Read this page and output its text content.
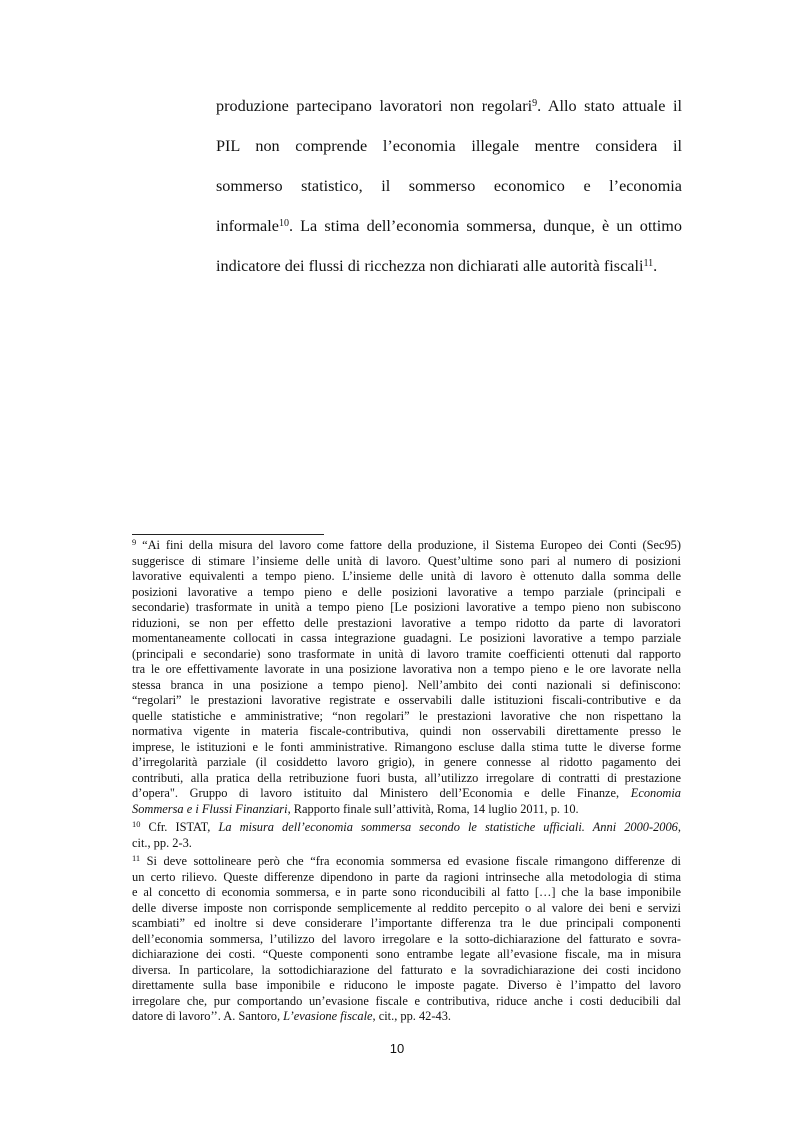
produzione partecipano lavoratori non regolari$^9$. Allo stato attuale il
PIL non comprende l’economia illegale mentre considera il
sommerso statistico, il sommerso economico e l’economia
informale$^{10}$. La stima dell’economia sommersa, dunque, è un ottimo
indicatore dei flussi di ricchezza non dichiarati alle autorità fiscali$^{11}$.
$^9$ “Ai fini della misura del lavoro come fattore della produzione, il Sistema Europeo dei Conti (Sec95)
suggerisce di stimare l’insieme delle unità di lavoro. Quest’ultime sono pari al numero di posizioni
lavorative equivalenti a tempo pieno. L’insieme delle unità di lavoro è ottenuto dalla somma delle
posizioni lavorative a tempo pieno e delle posizioni lavorative a tempo parziale (principali e
secondarie) trasformate in unità a tempo pieno [Le posizioni lavorative a tempo pieno non subiscono
riduzioni, se non per effetto delle prestazioni lavorative a tempo ridotto da parte di lavoratori
momentaneamente collocati in cassa integrazione guadagni. Le posizioni lavorative a tempo parziale
(principali e secondarie) sono trasformate in unità di lavoro tramite coefficienti ottenuti dal rapporto
tra le ore effettivamente lavorate in una posizione lavorativa non a tempo pieno e le ore lavorate nella
stessa branca in una posizione a tempo pieno]. Nell’ambito dei conti nazionali si definiscono:
“regolari” le prestazioni lavorative registrate e osservabili dalle istituzioni fiscali-contributive e da
quelle statistiche e amministrative; “non regolari” le prestazioni lavorative che non rispettano la
normativa vigente in materia fiscale-contributiva, quindi non osservabili direttamente presso le
imprese, le istituzioni e le fonti amministrative. Rimangono escluse dalla stima tutte le diverse forme
d’irregolarità parziale (il cosiddetto lavoro grigio), in genere connesse al ridotto pagamento dei
contributi, alla pratica della retribuzione fuori busta, all’utilizzo irregolare di contratti di prestazione
d’opera". Gruppo di lavoro istituito dal Ministero dell’Economia e delle Finanze, Economia
Sommersa e i Flussi Finanziari, Rapporto finale sull’attività, Roma, 14 luglio 2011, p. 10.
$^{10}$ Cfr. ISTAT, La misura dell’economia sommersa secondo le statistiche ufficiali. Anni 2000-2006,
cit., pp. 2-3.
$^{11}$ Si deve sottolineare però che “fra economia sommersa ed evasione fiscale rimangono differenze di
un certo rilievo. Queste differenze dipendono in parte da ragioni intrinseche alla metodologia di stima
e al concetto di economia sommersa, e in parte sono riconducibili al fatto […] che la base imponibile
delle diverse imposte non corrisponde semplicemente al reddito percepito o al valore dei beni e servizi
scambiati” ed inoltre si deve considerare l’importante differenza tra le due principali componenti
dell’economia sommersa, l’utilizzo del lavoro irregolare e la sotto-dichiarazione del fatturato e sovra-
dichiarazione dei costi. “Queste componenti sono entrambe legate all’evasione fiscale, ma in misura
diversa. In particolare, la sottodichiarazione del fatturato e la sovradichiarazione dei costi incidono
direttamente sulla base imponibile e riducono le imposte pagate. Diverso è l’impatto del lavoro
irregolare che, pur comportando un’evasione fiscale e contributiva, riduce anche i costi deducibili dal
datore di lavoro’’. A. Santoro, L’evasione fiscale, cit., pp. 42-43.
10
